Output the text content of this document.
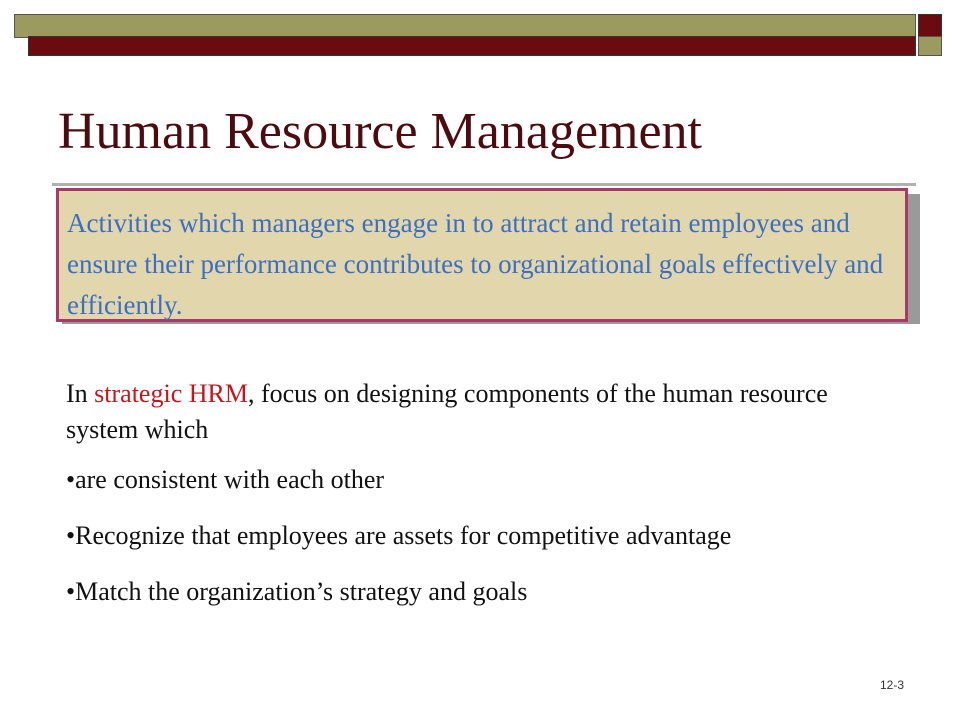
Human Resource Management
Activities which managers engage in to attract and retain employees and ensure their performance contributes to organizational goals effectively and efficiently.

In strategic HRM, focus on designing components of the human resource system which

•are consistent with each other

•Recognize that employees are assets for competitive advantage

•Match the organization’s strategy and goals

12-3
